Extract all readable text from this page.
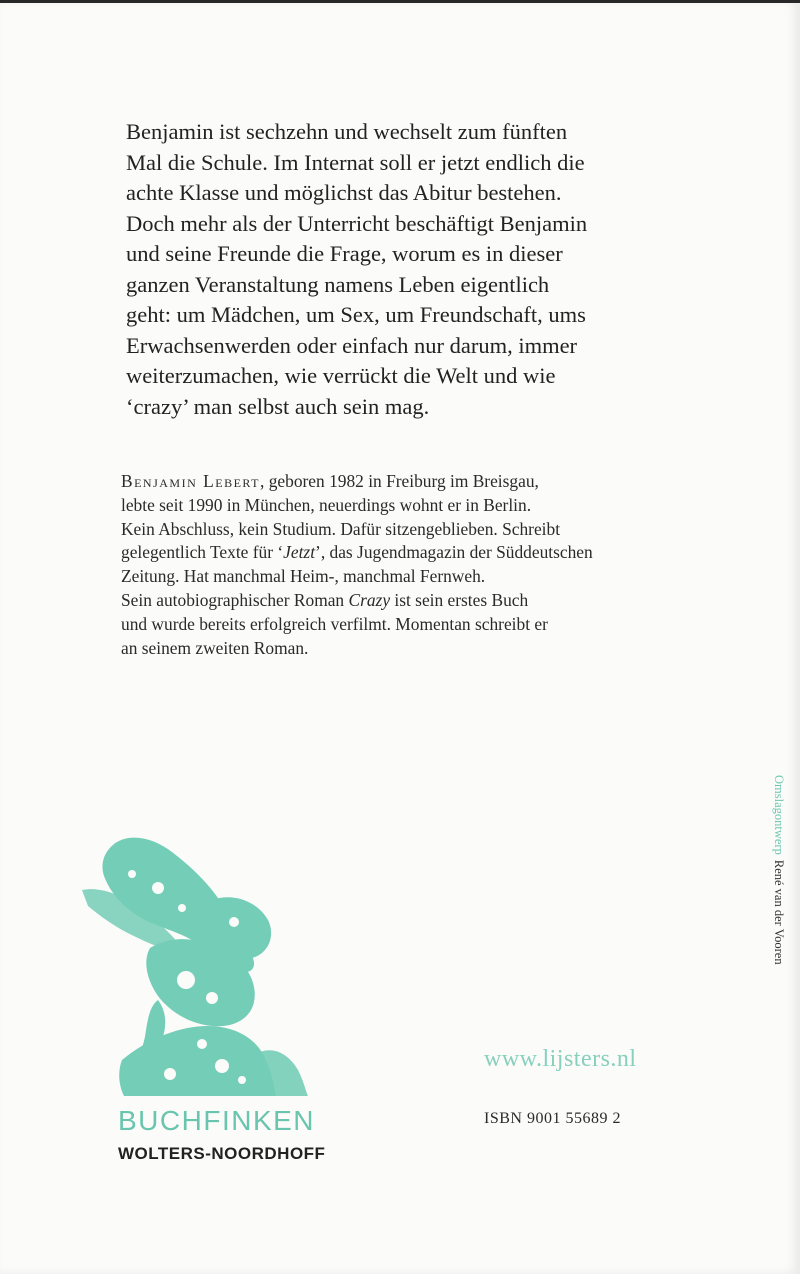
Benjamin ist sechzehn und wechselt zum fünften

Mal die Schule. Im Internat soll er jetzt endlich die

achte Klasse und möglichst das Abitur bestehen.

Doch mehr als der Unterricht beschäftigt Benjamin

und seine Freunde die Frage, worum es in dieser

ganzen Veranstaltung namens Leben eigentlich

geht: um Mädchen, um Sex, um Freundschaft, ums

Erwachsenwerden oder einfach nur darum, immer

weiterzumachen, wie verrückt die Welt und wie

‘crazy’ man selbst auch sein mag.

Benjamin Lebert, geboren 1982 in Freiburg im Breisgau,

lebte seit 1990 in München, neuerdings wohnt er in Berlin.

Kein Abschluss, kein Studium. Dafür sitzengeblieben. Schreibt

gelegentlich Texte für ‘Jetzt’, das Jugendmagazin der Süddeutschen

Zeitung. Hat manchmal Heim-, manchmal Fernweh.

Sein autobiographischer Roman Crazy ist sein erstes Buch

und wurde bereits erfolgreich verfilmt. Momentan schreibt er

an seinem zweiten Roman.

OmslagontwerpRené van der Vooren
BUCHFINKEN
WOLTERS-NOORDHOFF
www.lijsters.nl
ISBN 9001 55689 2
